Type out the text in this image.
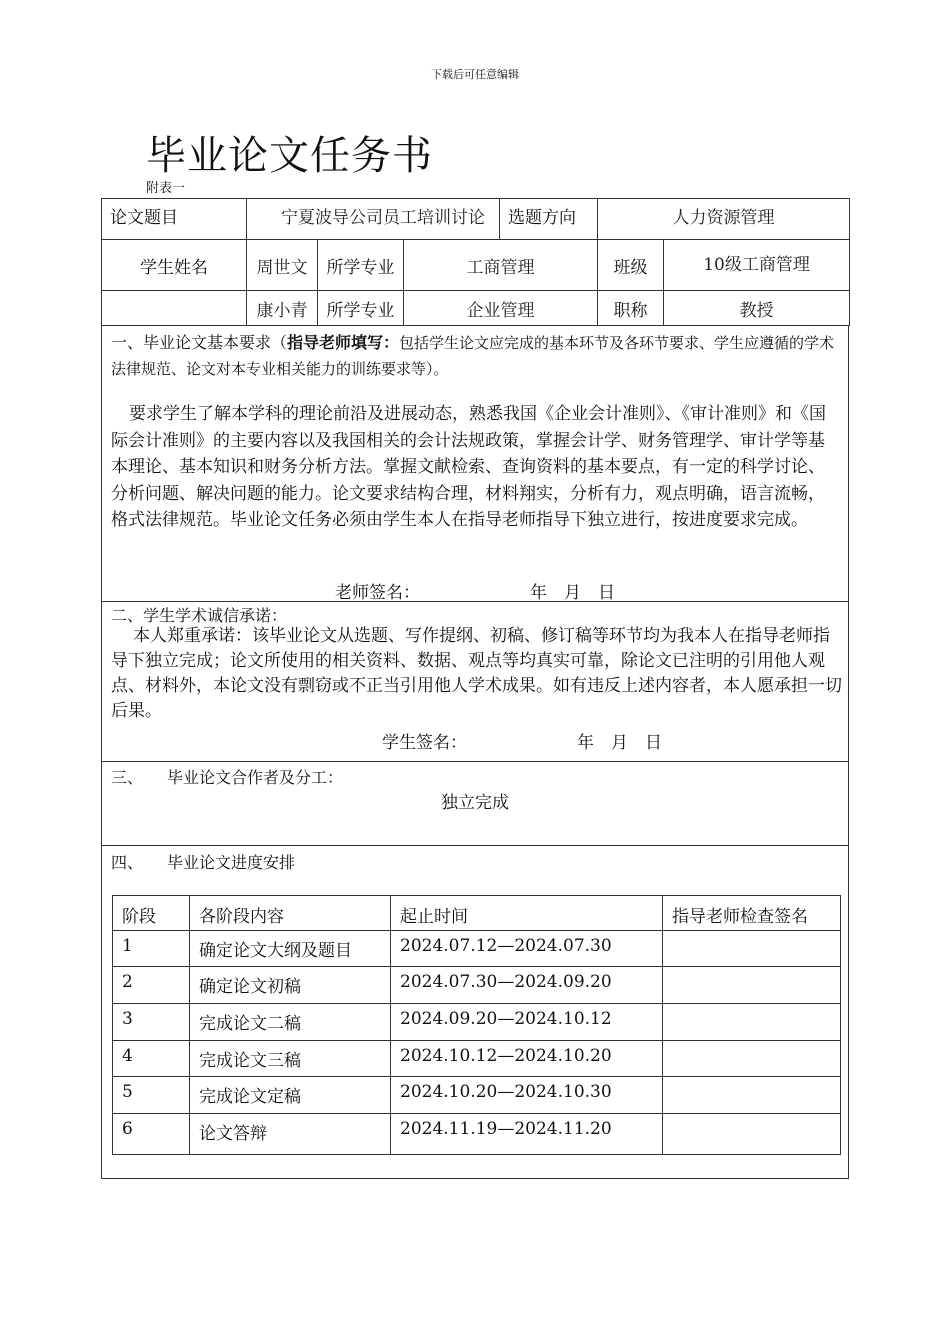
下载后可任意编辑
毕业论文任务书
附表一
论文题目	宁夏波导公司员工培训讨论			选题方向	人力资源管理	
学生姓名	周世文	所学专业	工商管理		班级	10级工商管理
	康小青	所学专业	企业管理		职称	教授
一、毕业论文基本要求（指导老师填写：包括学生论文应完成的基本环节及各环节要求、学生应遵循的学术法律规范、论文对本专业相关能力的训练要求等）。
要求学生了解本学科的理论前沿及进展动态，熟悉我国《企业会计准则》、《审计准则》和《国际会计准则》的主要内容以及我国相关的会计法规政策，掌握会计学、财务管理学、审计学等基本理论、基本知识和财务分析方法。掌握文献检索、查询资料的基本要点，有一定的科学讨论、分析问题、解决问题的能力。论文要求结构合理，材料翔实，分析有力，观点明确，语言流畅，格式法律规范。毕业论文任务必须由学生本人在指导老师指导下独立进行，按进度要求完成。
老师签名：	年　月　日
二、学生学术诚信承诺：
本人郑重承诺：该毕业论文从选题、写作提纲、初稿、修订稿等环节均为我本人在指导老师指导下独立完成；论文所使用的相关资料、数据、观点等均真实可靠，除论文已注明的引用他人观点、材料外，本论文没有剽窃或不正当引用他人学术成果。如有违反上述内容者，本人愿承担一切后果。
学生签名：	年　月　日
三、　　毕业论文合作者及分工：
独立完成
四、　　毕业论文进度安排
阶段	各阶段内容	起止时间	指导老师检查签名
1	确定论文大纲及题目	2024.07.12—2024.07.30	
2	确定论文初稿	2024.07.30—2024.09.20	
3	完成论文二稿	2024.09.20—2024.10.12	
4	完成论文三稿	2024.10.12—2024.10.20	
5	完成论文定稿	2024.10.20—2024.10.30	
6	论文答辩	2024.11.19—2024.11.20	
